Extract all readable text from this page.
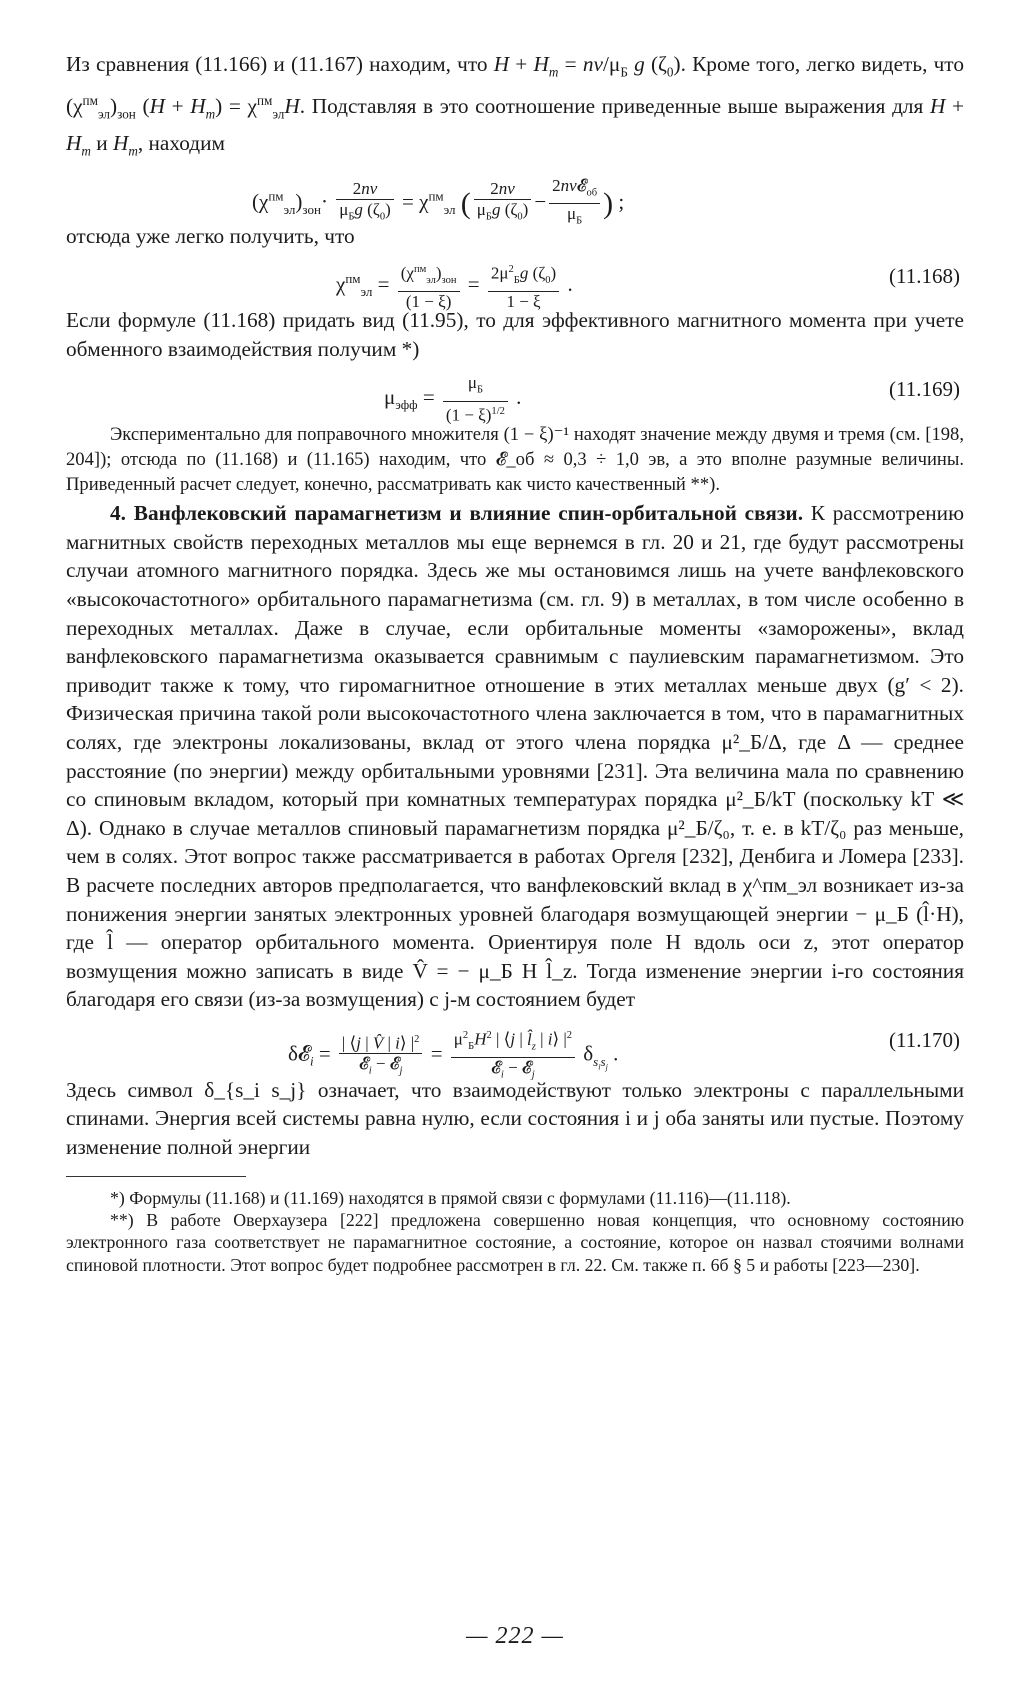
Из сравнения (11.166) и (11.167) находим, что $H + H_m = n\nu/\mu_Б$ g $(\zeta_0)$. Кроме того, легко видеть, что $(\chi^{пм}_{эл})_{зон}$ $(H + H_m) = \chi^{пм}_{эл}H$. Подставляя в это соотношение приведенные выше выражения для $H + H_m$ и $H_m$, находим

$(\chi^{пм}_{эл})_{зон}\cdot \frac{2n\nu}{\mu_Бg (\zeta_0)} = \chi^{пм}_{эл}$ ( $\frac{2n\nu}{\mu_Бg (\zeta_0)} - \frac{2n\nu 𝓔_{об}}{\mu_Б}$ ) ;

отсюда уже легко получить, что

$\chi^{пм}_{эл} = \frac{(\chi^{пм}_{эл})_{зон}}{(1 - \xi)} = \frac{2\mu^2_Бg (\zeta_0)}{1 - \xi}$ .	(11.168)

Если формуле (11.168) придать вид (11.95), то для эффективного магнитного момента при учете обменного взаимодействия получим *)

$\mu_{эфф} = \frac{\mu_Б}{(1 - \xi)^{1/2}}$ .	(11.169)

Экспериментально для поправочного множителя (1 − ξ)⁻¹ находят значение между двумя и тремя (см. [198, 204]); отсюда по (11.168) и (11.165) находим, что 𝓔_об ≈ 0,3 ÷ 1,0 эв, а это вполне разумные величины. Приведенный расчет следует, конечно, рассматривать как чисто качественный **).

4. Ванфлековский парамагнетизм и влияние спин-орбитальной связи. К рассмотрению магнитных свойств переходных металлов мы еще вернемся в гл. 20 и 21, где будут рассмотрены случаи атомного магнитного порядка. Здесь же мы остановимся лишь на учете ванфлековского «высокочастотного» орбитального парамагнетизма (см. гл. 9) в металлах, в том числе особенно в переходных металлах. Даже в случае, если орбитальные моменты «заморожены», вклад ванфлековского парамагнетизма оказывается сравнимым с паулиевским парамагнетизмом. Это приводит также к тому, что гиромагнитное отношение в этих металлах меньше двух (g′ < 2). Физическая причина такой роли высокочастотного члена заключается в том, что в парамагнитных солях, где электроны локализованы, вклад от этого члена порядка μ²_Б/Δ, где Δ — среднее расстояние (по энергии) между орбитальными уровнями [231]. Эта величина мала по сравнению со спиновым вкладом, который при комнатных температурах порядка μ²_Б/kT (поскольку kT ≪ Δ). Однако в случае металлов спиновый парамагнетизм порядка μ²_Б/ζ₀, т. е. в kT/ζ₀ раз меньше, чем в солях. Этот вопрос также рассматривается в работах Оргеля [232], Денбига и Ломера [233]. В расчете последних авторов предполагается, что ванфлековский вклад в χ^пм_эл возникает из-за понижения энергии занятых электронных уровней благодаря возмущающей энергии − μ_Б (l̂·H), где l̂ — оператор орбитального момента. Ориентируя поле H вдоль оси z, этот оператор возмущения можно записать в виде V̂ = − μ_Б H l̂_z. Тогда изменение энергии i-го состояния благодаря его связи (из-за возмущения) с j-м состоянием будет

δ𝓔$_i$ = $\frac{| ⟨j | V̂ | i⟩ |^2}{𝓔_i - 𝓔_j} = \frac{\mu^2_БH^2 | ⟨j | l̂_z | i⟩ |^2}{𝓔_i - 𝓔_j} \delta_{s_is_j}$ .
(11.170)

Здесь символ δ_{s_i s_j} означает, что взаимодействуют только электроны с параллельными спинами. Энергия всей системы равна нулю, если состояния i и j оба заняты или пустые. Поэтому изменение полной энергии

*) Формулы (11.168) и (11.169) находятся в прямой связи с формулами (11.116)—(11.118).

**) В работе Оверхаузера [222] предложена совершенно новая концепция, что основному состоянию электронного газа соответствует не парамагнитное состояние, а состояние, которое он назвал стоячими волнами спиновой плотности. Этот вопрос будет подробнее рассмотрен в гл. 22. См. также п. 6б § 5 и работы [223—230].

— 222 —
